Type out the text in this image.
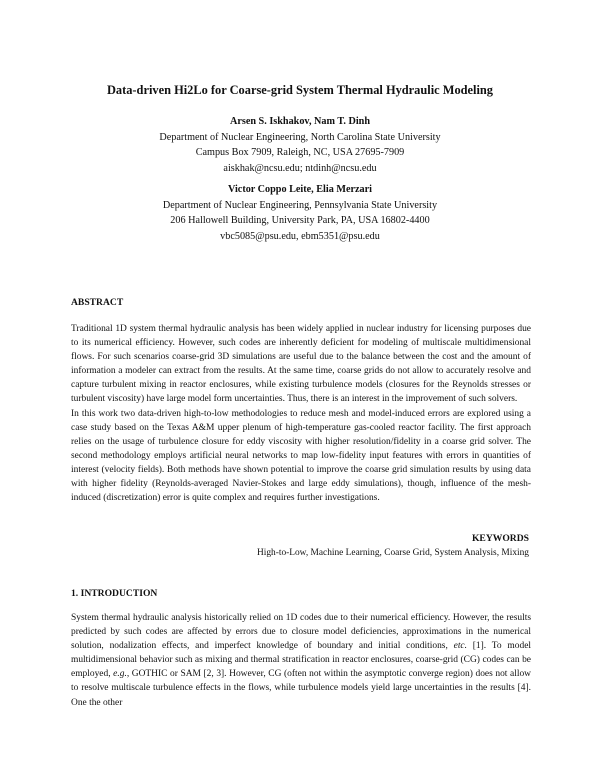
Data-driven Hi2Lo for Coarse-grid System Thermal Hydraulic Modeling
Arsen S. Iskhakov, Nam T. Dinh
Department of Nuclear Engineering, North Carolina State University
Campus Box 7909, Raleigh, NC, USA 27695-7909
aiskhak@ncsu.edu; ntdinh@ncsu.edu
Victor Coppo Leite, Elia Merzari
Department of Nuclear Engineering, Pennsylvania State University
206 Hallowell Building, University Park, PA, USA 16802-4400
vbc5085@psu.edu, ebm5351@psu.edu
ABSTRACT

Traditional 1D system thermal hydraulic analysis has been widely applied in nuclear industry for licensing purposes due to its numerical efficiency. However, such codes are inherently deficient for modeling of multiscale multidimensional flows. For such scenarios coarse-grid 3D simulations are useful due to the balance between the cost and the amount of information a modeler can extract from the results. At the same time, coarse grids do not allow to accurately resolve and capture turbulent mixing in reactor enclosures, while existing turbulence models (closures for the Reynolds stresses or turbulent viscosity) have large model form uncertainties. Thus, there is an interest in the improvement of such solvers.

In this work two data-driven high-to-low methodologies to reduce mesh and model-induced errors are explored using a case study based on the Texas A&M upper plenum of high-temperature gas-cooled reactor facility. The first approach relies on the usage of turbulence closure for eddy viscosity with higher resolution/fidelity in a coarse grid solver. The second methodology employs artificial neural networks to map low-fidelity input features with errors in quantities of interest (velocity fields). Both methods have shown potential to improve the coarse grid simulation results by using data with higher fidelity (Reynolds-averaged Navier-Stokes and large eddy simulations), though, influence of the mesh-induced (discretization) error is quite complex and requires further investigations.

KEYWORDS
High-to-Low, Machine Learning, Coarse Grid, System Analysis, Mixing
1. INTRODUCTION

System thermal hydraulic analysis historically relied on 1D codes due to their numerical efficiency. However, the results predicted by such codes are affected by errors due to closure model deficiencies, approximations in the numerical solution, nodalization effects, and imperfect knowledge of boundary and initial conditions, etc. [1]. To model multidimensional behavior such as mixing and thermal stratification in reactor enclosures, coarse-grid (CG) codes can be employed, e.g., GOTHIC or SAM [2, 3]. However, CG (often not within the asymptotic converge region) does not allow to resolve multiscale turbulence effects in the flows, while turbulence models yield large uncertainties in the results [4]. One the other
